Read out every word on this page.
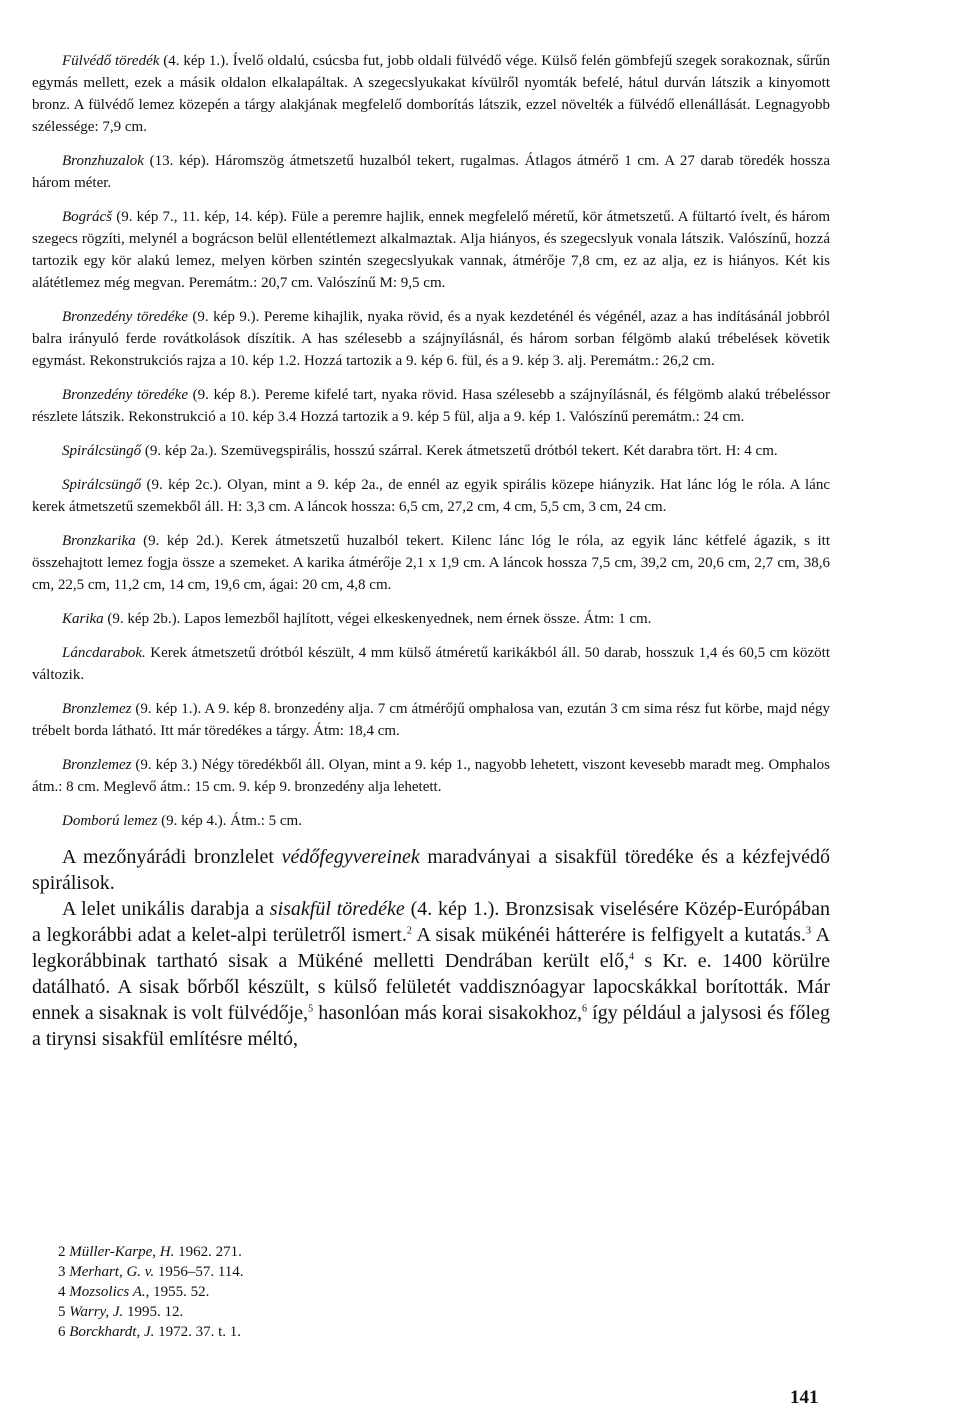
Fülvédő töredék (4. kép 1.). Ívelő oldalú, csúcsba fut, jobb oldali fülvédő vége. Külső felén gömbfejű szegek sorakoznak, sűrűn egymás mellett, ezek a másik oldalon elkalapáltak. A szegecslyukakat kívülről nyomták befelé, hátul durván látszik a kinyomott bronz. A fülvédő lemez közepén a tárgy alakjának megfelelő domborítás látszik, ezzel növelték a fülvédő ellenállását. Legnagyobb szélessége: 7,9 cm.

Bronzhuzalok (13. kép). Háromszög átmetszetű huzalból tekert, rugalmas. Átlagos átmérő 1 cm. A 27 darab töredék hossza három méter.

Bográcš (9. kép 7., 11. kép, 14. kép). Füle a peremre hajlik, ennek megfelelő méretű, kör átmetszetű. A fültartó ívelt, és három szegecs rögzíti, melynél a bográcson belül ellentétlemezt alkalmaztak. Alja hiányos, és szegecslyuk vonala látszik. Valószínű, hozzá tartozik egy kör alakú lemez, melyen körben szintén szegecslyukak vannak, átmérője 7,8 cm, ez az alja, ez is hiányos. Két kis alátétlemez még megvan. Peremátm.: 20,7 cm. Valószínű M: 9,5 cm.

Bronzedény töredéke (9. kép 9.). Pereme kihajlik, nyaka rövid, és a nyak kezdeténél és végénél, azaz a has indításánál jobbról balra irányuló ferde rovátkolások díszítik. A has szélesebb a szájnyílásnál, és három sorban félgömb alakú trébelések követik egymást. Rekonstrukciós rajza a 10. kép 1.2. Hozzá tartozik a 9. kép 6. fül, és a 9. kép 3. alj. Peremátm.: 26,2 cm.

Bronzedény töredéke (9. kép 8.). Pereme kifelé tart, nyaka rövid. Hasa szélesebb a szájnyílásnál, és félgömb alakú trébeléssor részlete látszik. Rekonstrukció a 10. kép 3.4 Hozzá tartozik a 9. kép 5 fül, alja a 9. kép 1. Valószínű peremátm.: 24 cm.

Spirálcsüngő (9. kép 2a.). Szemüvegspirális, hosszú szárral. Kerek átmetszetű drótból tekert. Két darabra tört. H: 4 cm.

Spirálcsüngő (9. kép 2c.). Olyan, mint a 9. kép 2a., de ennél az egyik spirális közepe hiányzik. Hat lánc lóg le róla. A lánc kerek átmetszetű szemekből áll. H: 3,3 cm. A láncok hossza: 6,5 cm, 27,2 cm, 4 cm, 5,5 cm, 3 cm, 24 cm.

Bronzkarika (9. kép 2d.). Kerek átmetszetű huzalból tekert. Kilenc lánc lóg le róla, az egyik lánc kétfelé ágazik, s itt összehajtott lemez fogja össze a szemeket. A karika átmérője 2,1 x 1,9 cm. A láncok hossza 7,5 cm, 39,2 cm, 20,6 cm, 2,7 cm, 38,6 cm, 22,5 cm, 11,2 cm, 14 cm, 19,6 cm, ágai: 20 cm, 4,8 cm.

Karika (9. kép 2b.). Lapos lemezből hajlított, végei elkeskenyednek, nem érnek össze. Átm: 1 cm.

Láncdarabok. Kerek átmetszetű drótból készült, 4 mm külső átméretű karikákból áll. 50 darab, hosszuk 1,4 és 60,5 cm között változik.

Bronzlemez (9. kép 1.). A 9. kép 8. bronzedény alja. 7 cm átmérőjű omphalosa van, ezután 3 cm sima rész fut körbe, majd négy trébelt borda látható. Itt már töredékes a tárgy. Átm: 18,4 cm.

Bronzlemez (9. kép 3.) Négy töredékből áll. Olyan, mint a 9. kép 1., nagyobb lehetett, viszont kevesebb maradt meg. Omphalos átm.: 8 cm. Meglevő átm.: 15 cm. 9. kép 9. bronzedény alja lehetett.

Domború lemez (9. kép 4.). Átm.: 5 cm.

A mezőnyárádi bronzlelet védőfegyvereinek maradványai a sisakfül töredéke és a kézfejvédő spirálisok.

A lelet unikális darabja a sisakfül töredéke (4. kép 1.). Bronzsisak viselésére Közép-Európában a legkorábbi adat a kelet-alpi területről ismert.$^2$ A sisak mükénéi hátterére is felfigyelt a kutatás.$^3$ A legkorábbinak tartható sisak a Mükéné melletti Dendrában került elő,$^4$ s Kr. e. 1400 körülre datálható. A sisak bőrből készült, s külső felületét vaddisznóagyar lapocskákkal borították. Már ennek a sisaknak is volt fülvédője,$^5$ hasonlóan más korai sisakokhoz,$^6$ így például a jalysosi és főleg a tirynsi sisakfül említésre méltó,

2 Müller-Karpe, H. 1962. 271.

3 Merhart, G. v. 1956–57. 114.

4 Mozsolics A., 1955. 52.

5 Warry, J. 1995. 12.

6 Borckhardt, J. 1972. 37. t. 1.

141
